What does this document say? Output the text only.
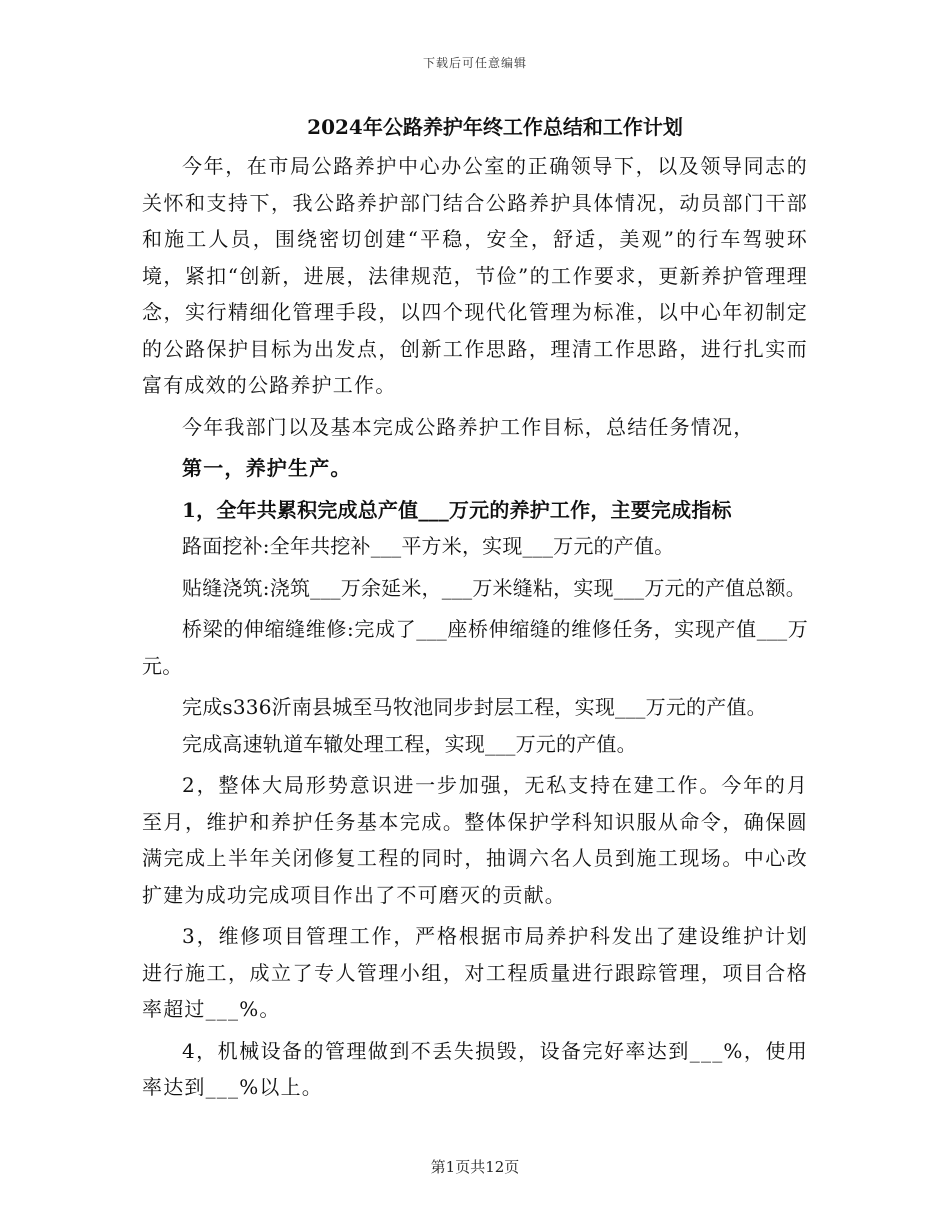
下载后可任意编辑
2024年公路养护年终工作总结和工作计划

今年，在市局公路养护中心办公室的正确领导下，以及领导同志的关怀和支持下，我公路养护部门结合公路养护具体情况，动员部门干部和施工人员，围绕密切创建“平稳，安全，舒适，美观”的行车驾驶环境，紧扣“创新，进展，法律规范，节俭”的工作要求，更新养护管理理念，实行精细化管理手段，以四个现代化管理为标准，以中心年初制定的公路保护目标为出发点，创新工作思路，理清工作思路，进行扎实而富有成效的公路养护工作。

今年我部门以及基本完成公路养护工作目标，总结任务情况，

第一，养护生产。

1，全年共累积完成总产值___万元的养护工作，主要完成指标

路面挖补:全年共挖补___平方米，实现___万元的产值。

贴缝浇筑:浇筑___万余延米，___万米缝粘，实现___万元的产值总额。

桥梁的伸缩缝维修:完成了___座桥伸缩缝的维修任务，实现产值___万元。

完成s336沂南县城至马牧池同步封层工程，实现___万元的产值。

完成高速轨道车辙处理工程，实现___万元的产值。

2，整体大局形势意识进一步加强，无私支持在建工作。今年的月至月，维护和养护任务基本完成。整体保护学科知识服从命令，确保圆满完成上半年关闭修复工程的同时，抽调六名人员到施工现场。中心改扩建为成功完成项目作出了不可磨灭的贡献。

3，维修项目管理工作，严格根据市局养护科发出了建设维护计划进行施工，成立了专人管理小组，对工程质量进行跟踪管理，项目合格率超过___%。

4，机械设备的管理做到不丢失损毁，设备完好率达到___%，使用率达到___%以上。

第1页共12页
